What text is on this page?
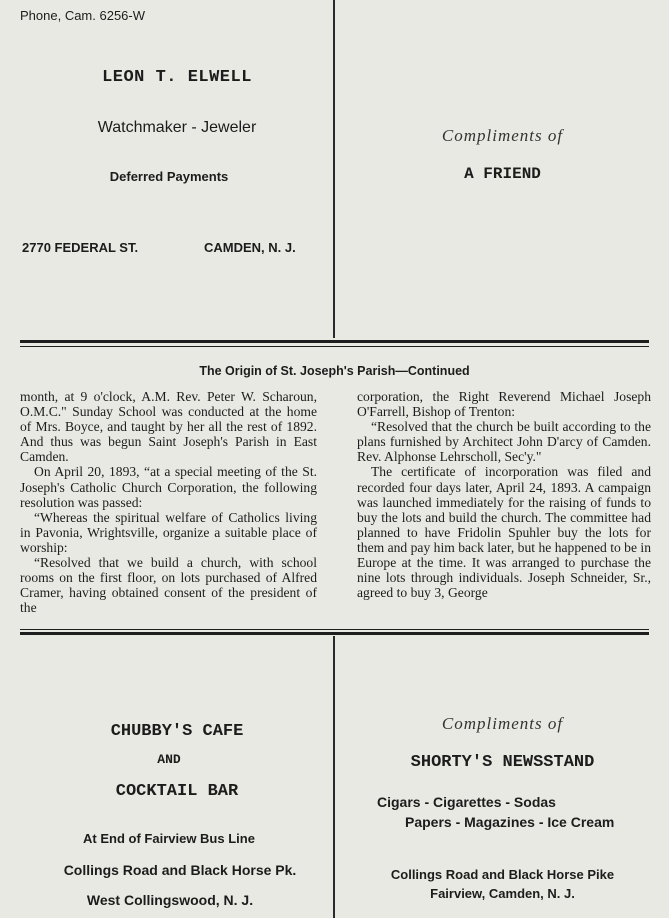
Phone, Cam. 6256-W
LEON T. ELWELL
Watchmaker - Jeweler
Deferred Payments
2770 FEDERAL ST.	CAMDEN, N. J.
Compliments of
A FRIEND
The Origin of St. Joseph's Parish—Continued

month, at 9 o'clock, A.M. Rev. Peter W. Scharoun, O.M.C." Sunday School was conducted at the home of Mrs. Boyce, and taught by her all the rest of 1892. And thus was begun Saint Joseph's Parish in East Camden.

On April 20, 1893, “at a special meeting of the St. Joseph's Catholic Church Corporation, the following resolution was passed:

“Whereas the spiritual welfare of Catholics living in Pavonia, Wrightsville, organize a suitable place of worship:

“Resolved that we build a church, with school rooms on the first floor, on lots purchased of Alfred Cramer, having obtained consent of the president of the

corporation, the Right Reverend Michael Joseph O'Farrell, Bishop of Trenton:

“Resolved that the church be built according to the plans furnished by Architect John D'arcy of Camden. Rev. Alphonse Lehrscholl, Sec'y."

The certificate of incorporation was filed and recorded four days later, April 24, 1893. A campaign was launched immediately for the raising of funds to buy the lots and build the church. The committee had planned to have Fridolin Spuhler buy the lots for them and pay him back later, but he happened to be in Europe at the time. It was arranged to purchase the nine lots through individuals. Joseph Schneider, Sr., agreed to buy 3, George

CHUBBY'S CAFE
AND
COCKTAIL BAR
At End of Fairview Bus Line
Collings Road and Black Horse Pk.
West Collingswood, N. J.
Compliments of
SHORTY'S NEWSSTAND
Cigars - Cigarettes - Sodas
Papers - Magazines - Ice Cream
Collings Road and Black Horse Pike
Fairview, Camden, N. J.
